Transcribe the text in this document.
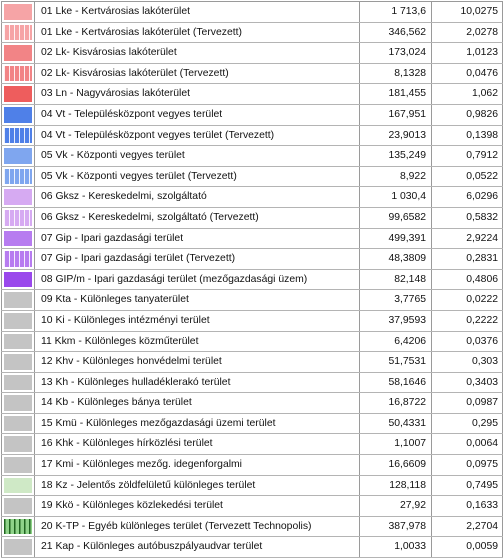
01 Lke - Kertvárosias lakóterület	1 713,6	10,0275
01 Lke - Kertvárosias lakóterület (Tervezett)	346,562	2,0278
02 Lk- Kisvárosias lakóterület	173,024	1,0123
02 Lk- Kisvárosias lakóterület (Tervezett)	8,1328	0,0476
03 Ln - Nagyvárosias lakóterület	181,455	1,062
04 Vt - Településközpont vegyes terület	167,951	0,9826
04 Vt - Településközpont vegyes terület (Tervezett)	23,9013	0,1398
05 Vk - Központi vegyes terület	135,249	0,7912
05 Vk - Központi vegyes terület (Tervezett)	8,922	0,0522
06 Gksz - Kereskedelmi, szolgáltató	1 030,4	6,0296
06 Gksz - Kereskedelmi, szolgáltató (Tervezett)	99,6582	0,5832
07 Gip - Ipari gazdasági terület	499,391	2,9224
07 Gip - Ipari gazdasági terület (Tervezett)	48,3809	0,2831
08 GIP/m - Ipari gazdasági terület (mezőgazdasági üzem)	82,148	0,4806
09 Kta - Különleges tanyaterület	3,7765	0,0222
10 Ki - Különleges intézményi terület	37,9593	0,2222
11 Kkm - Különleges közműterület	6,4206	0,0376
12 Khv - Különleges honvédelmi terület	51,7531	0,303
13 Kh - Különleges hulladéklerakó terület	58,1646	0,3403
14 Kb - Különleges bánya terület	16,8722	0,0987
15 Kmü - Különleges mezőgazdasági üzemi terület	50,4331	0,295
16 Khk - Különleges hírközlési terület	1,1007	0,0064
17 Kmi - Különleges mezőg. idegenforgalmi	16,6609	0,0975
18 Kz - Jelentős zöldfelületű különleges terület	128,118	0,7495
19 Kkö - Különleges közlekedési terület	27,92	0,1633
20 K-TP - Egyéb különleges terület (Tervezett Technopolis)	387,978	2,2704
21 Kap - Különleges autóbuszpályaudvar terület	1,0033	0,0059
